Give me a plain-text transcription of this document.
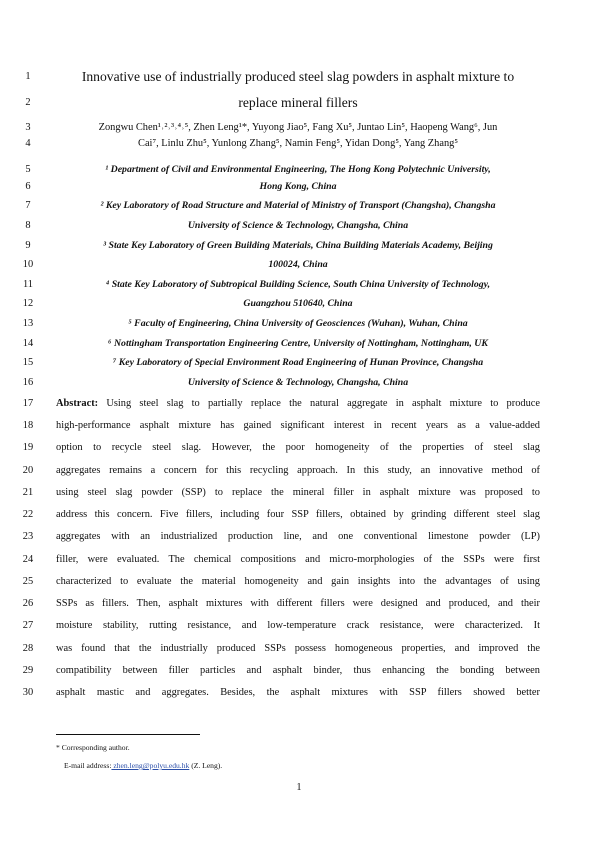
1
2
3
4
5
6
7
8
9
10
11
12
13
14
15
16
17
18
19
20
21
22
23
24
25
26
27
28
29
30
Innovative use of industrially produced steel slag powders in asphalt mixture to
replace mineral fillers
Zongwu Chen¹˒²˒³˒⁴˒⁵, Zhen Leng¹*, Yuyong Jiao⁵, Fang Xu⁵, Juntao Lin⁵, Haopeng Wang⁶, Jun
Cai⁷, Linlu Zhu⁵, Yunlong Zhang⁵, Namin Feng⁵, Yidan Dong⁵, Yang Zhang⁵
¹ Department of Civil and Environmental Engineering, The Hong Kong Polytechnic University,
Hong Kong, China
² Key Laboratory of Road Structure and Material of Ministry of Transport (Changsha), Changsha
University of Science & Technology, Changsha, China
³ State Key Laboratory of Green Building Materials, China Building Materials Academy, Beijing
100024, China
⁴ State Key Laboratory of Subtropical Building Science, South China University of Technology,
Guangzhou 510640, China
⁵ Faculty of Engineering, China University of Geosciences (Wuhan), Wuhan, China
⁶ Nottingham Transportation Engineering Centre, University of Nottingham, Nottingham, UK
⁷ Key Laboratory of Special Environment Road Engineering of Hunan Province, Changsha
University of Science & Technology, Changsha, China
Abstract: Using steel slag to partially replace the natural aggregate in asphalt mixture to produce
high-performance asphalt mixture has gained significant interest in recent years as a value-added
option to recycle steel slag. However, the poor homogeneity of the properties of steel slag
aggregates remains a concern for this recycling approach. In this study, an innovative method of
using steel slag powder (SSP) to replace the mineral filler in asphalt mixture was proposed to
address this concern. Five fillers, including four SSP fillers, obtained by grinding different steel slag
aggregates with an industrialized production line, and one conventional limestone powder (LP)
filler, were evaluated. The chemical compositions and micro-morphologies of the SSPs were first
characterized to evaluate the material homogeneity and gain insights into the advantages of using
SSPs as fillers. Then, asphalt mixtures with different fillers were designed and produced, and their
moisture stability, rutting resistance, and low-temperature crack resistance, were characterized. It
was found that the industrially produced SSPs possess homogeneous properties, and improved the
compatibility between filler particles and asphalt binder, thus enhancing the bonding between
asphalt mastic and aggregates. Besides, the asphalt mixtures with SSP fillers showed better
* Corresponding author.
E-mail address: zhen.leng@polyu.edu.hk (Z. Leng).
1
